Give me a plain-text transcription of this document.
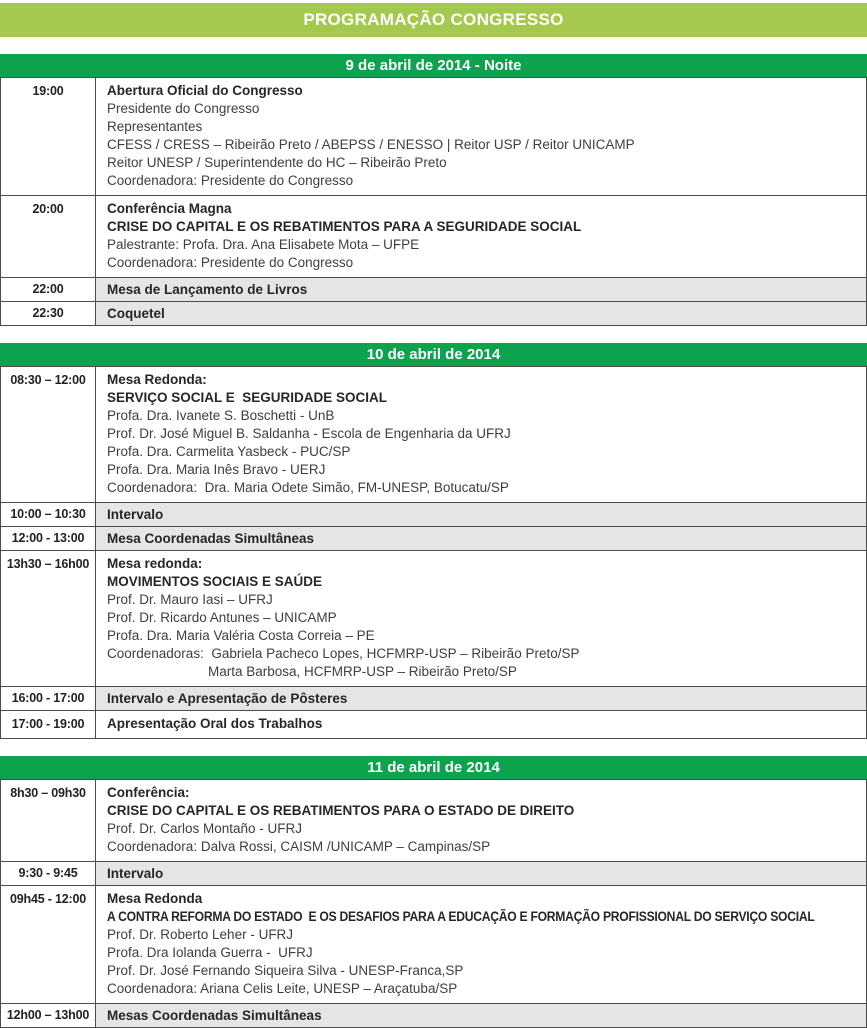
PROGRAMAÇÃO CONGRESSO
9 de abril de 2014 - Noite
19:00	Abertura Oficial do Congresso
Presidente do Congresso
Representantes
CFESS / CRESS – Ribeirão Preto / ABEPSS / ENESSO | Reitor USP / Reitor UNICAMP
Reitor UNESP / Superintendente do HC – Ribeirão Preto
Coordenadora: Presidente do Congresso

20:00	Conferência Magna
CRISE DO CAPITAL E OS REBATIMENTOS PARA A SEGURIDADE SOCIAL
Palestrante: Profa. Dra. Ana Elisabete Mota – UFPE
Coordenadora: Presidente do Congresso

22:00	Mesa de Lançamento de Livros

22:30	Coquetel
10 de abril de 2014
08:30 – 12:00	Mesa Redonda:
SERVIÇO SOCIAL E  SEGURIDADE SOCIAL
Profa. Dra. Ivanete S. Boschetti - UnB
Prof. Dr. José Miguel B. Saldanha - Escola de Engenharia da UFRJ
Profa. Dra. Carmelita Yasbeck - PUC/SP
Profa. Dra. Maria Inês Bravo - UERJ
Coordenadora:  Dra. Maria Odete Simão, FM-UNESP, Botucatu/SP

10:00 – 10:30	Intervalo

12:00 - 13:00	Mesa Coordenadas Simultâneas

13h30 – 16h00	Mesa redonda:
MOVIMENTOS SOCIAIS E SAÚDE
Prof. Dr. Mauro Iasi – UFRJ
Prof. Dr. Ricardo Antunes – UNICAMP
Profa. Dra. Maria Valéria Costa Correia – PE
Coordenadoras:  Gabriela Pacheco Lopes, HCFMRP-USP – Ribeirão Preto/SP
Marta Barbosa, HCFMRP-USP – Ribeirão Preto/SP

16:00 - 17:00	Intervalo e Apresentação de Pôsteres

17:00 - 19:00	Apresentação Oral dos Trabalhos
11 de abril de 2014
8h30 – 09h30	Conferência:
CRISE DO CAPITAL E OS REBATIMENTOS PARA O ESTADO DE DIREITO
Prof. Dr. Carlos Montaño - UFRJ
Coordenadora: Dalva Rossi, CAISM /UNICAMP – Campinas/SP

9:30 - 9:45	Intervalo

09h45 - 12:00	Mesa Redonda
A CONTRA REFORMA DO ESTADO  E OS DESAFIOS PARA A EDUCAÇÃO E FORMAÇÃO PROFISSIONAL DO SERVIÇO SOCIAL
Prof. Dr. Roberto Leher - UFRJ
Profa. Dra Iolanda Guerra -  UFRJ
Prof. Dr. José Fernando Siqueira Silva - UNESP-Franca,SP
Coordenadora: Ariana Celis Leite, UNESP – Araçatuba/SP

12h00 – 13h00	Mesas Coordenadas Simultâneas
